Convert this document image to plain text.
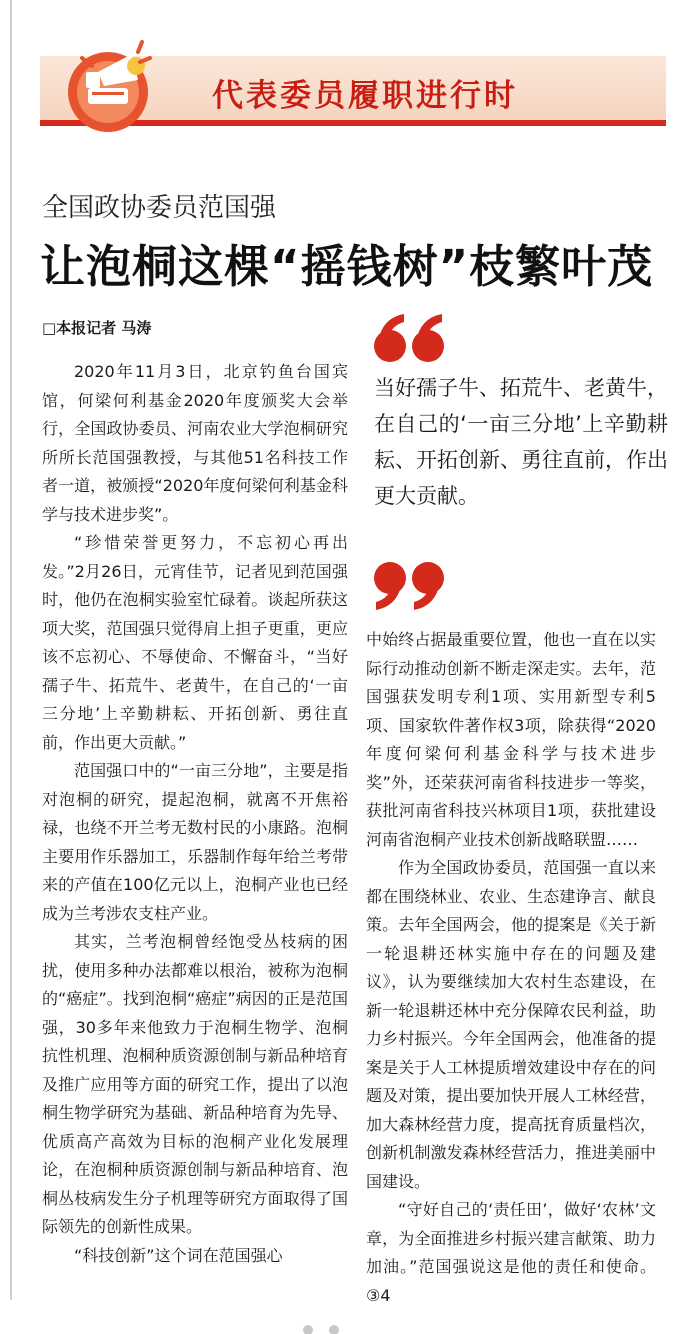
代表委员履职进行时
全国政协委员范国强
让泡桐这棵“摇钱树”枝繁叶茂
□本报记者 马涛

2020年11月3日，北京钓鱼台国宾馆，何梁何利基金2020年度颁奖大会举行，全国政协委员、河南农业大学泡桐研究所所长范国强教授，与其他51名科技工作者一道，被颁授“2020年度何梁何利基金科学与技术进步奖”。

“珍惜荣誉更努力，不忘初心再出发。”2月26日，元宵佳节，记者见到范国强时，他仍在泡桐实验室忙碌着。谈起所获这项大奖，范国强只觉得肩上担子更重，更应该不忘初心、不辱使命、不懈奋斗，“当好孺子牛、拓荒牛、老黄牛，在自己的‘一亩三分地’上辛勤耕耘、开拓创新、勇往直前，作出更大贡献。”

范国强口中的“一亩三分地”，主要是指对泡桐的研究，提起泡桐，就离不开焦裕禄，也绕不开兰考无数村民的小康路。泡桐主要用作乐器加工，乐器制作每年给兰考带来的产值在100亿元以上，泡桐产业也已经成为兰考涉农支柱产业。

其实，兰考泡桐曾经饱受丛枝病的困扰，使用多种办法都难以根治，被称为泡桐的“癌症”。找到泡桐“癌症”病因的正是范国强，30多年来他致力于泡桐生物学、泡桐抗性机理、泡桐种质资源创制与新品种培育及推广应用等方面的研究工作，提出了以泡桐生物学研究为基础、新品种培育为先导、优质高产高效为目标的泡桐产业化发展理论，在泡桐种质资源创制与新品种培育、泡桐丛枝病发生分子机理等研究方面取得了国际领先的创新性成果。

“科技创新”这个词在范国强心

当好孺子牛、拓荒牛、老黄牛，在自己的‘一亩三分地’上辛勤耕耘、开拓创新、勇往直前，作出更大贡献。

中始终占据最重要位置，他也一直在以实际行动推动创新不断走深走实。去年，范国强获发明专利1项、实用新型专利5项、国家软件著作权3项，除获得“2020年度何梁何利基金科学与技术进步奖”外，还荣获河南省科技进步一等奖，获批河南省科技兴林项目1项，获批建设河南省泡桐产业技术创新战略联盟……

作为全国政协委员，范国强一直以来都在围绕林业、农业、生态建诤言、献良策。去年全国两会，他的提案是《关于新一轮退耕还林实施中存在的问题及建议》，认为要继续加大农村生态建设，在新一轮退耕还林中充分保障农民利益，助力乡村振兴。今年全国两会，他准备的提案是关于人工林提质增效建设中存在的问题及对策，提出要加快开展人工林经营，加大森林经营力度，提高抚育质量档次，创新机制激发森林经营活力，推进美丽中国建设。

“守好自己的‘责任田’，做好‘农林’文章，为全面推进乡村振兴建言献策、助力加油。”范国强说这是他的责任和使命。③4
